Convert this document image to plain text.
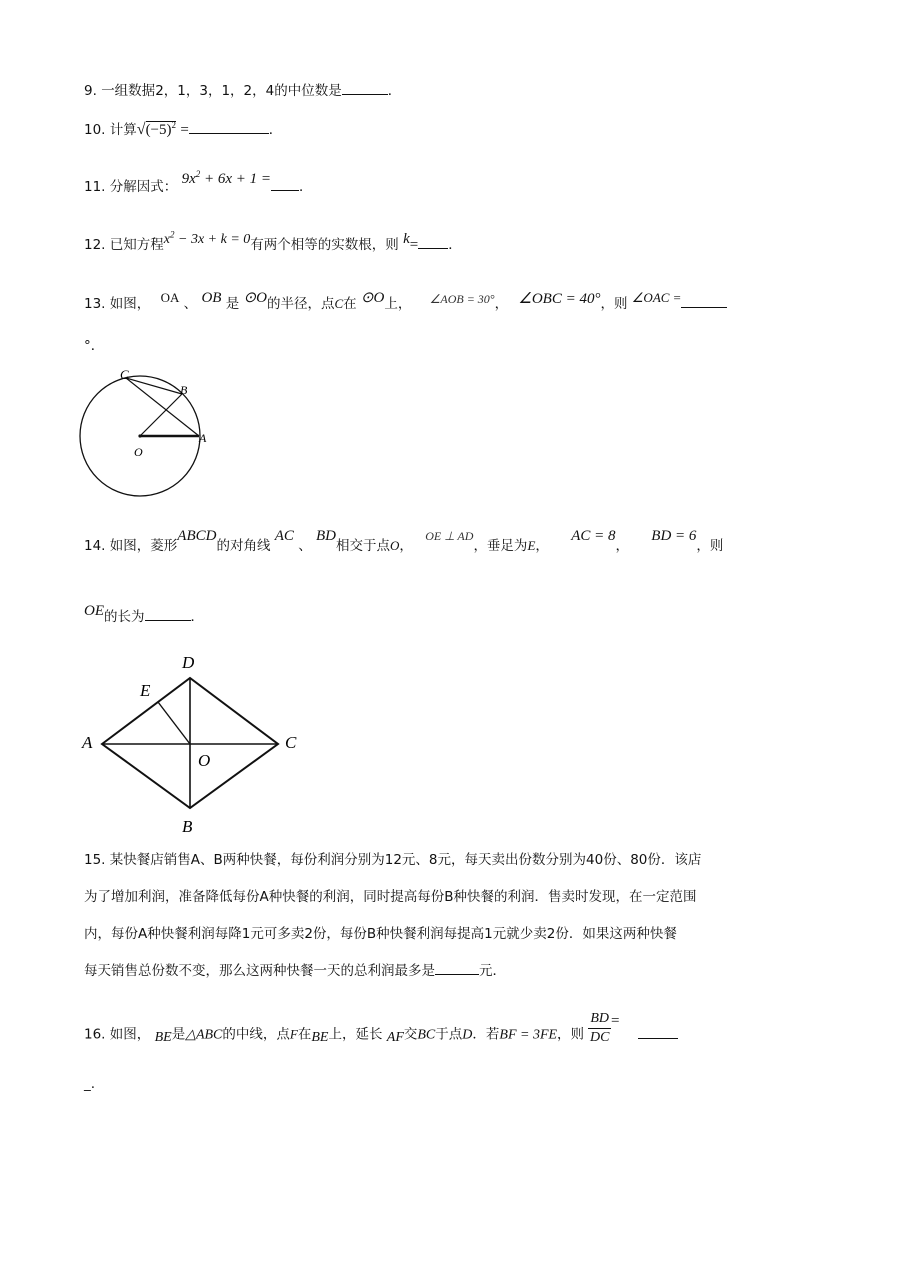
9. 一组数据2，1，3，1，2，4的中位数是	．
10. 计算$√(-5)^2$ =	．
11. 分解因式： $9x^2 + 6x + 1$ = ．
12. 已知方程$x^2 - 3x + k = 0$有两个相等的实数根，则 k= ．
13. 如图， OA 、 OB 是 ⊙O的半径，点C在 ⊙O上， ∠AOB = 30°， ∠OBC = 40°，则 ∠OAC =
°．
C
B
A
O
14. 如图，菱形ABCD的对角线 AC 、 BD相交于点O， OE ⊥ AD，垂足为E， AC = 8， BD = 6，则
OE的长为	．
D
E
A	C
O
B
15. 某快餐店销售A、B两种快餐，每份利润分别为12元、8元，每天卖出份数分别为40份、80份．该店
为了增加利润，准备降低每份A种快餐的利润，同时提高每份B种快餐的利润．售卖时发现，在一定范围
内，每份A种快餐利润每降1元可多卖2份，每份B种快餐利润每提高1元就少卖2份．如果这两种快餐
每天销售总份数不变，那么这两种快餐一天的总利润最多是	元．
16. 如图， BE是△ABC的中线，点F在BE上，延长 AF交BC于点D．若BF = 3FE，则 $\frac{BD}{DC}=$
_.
